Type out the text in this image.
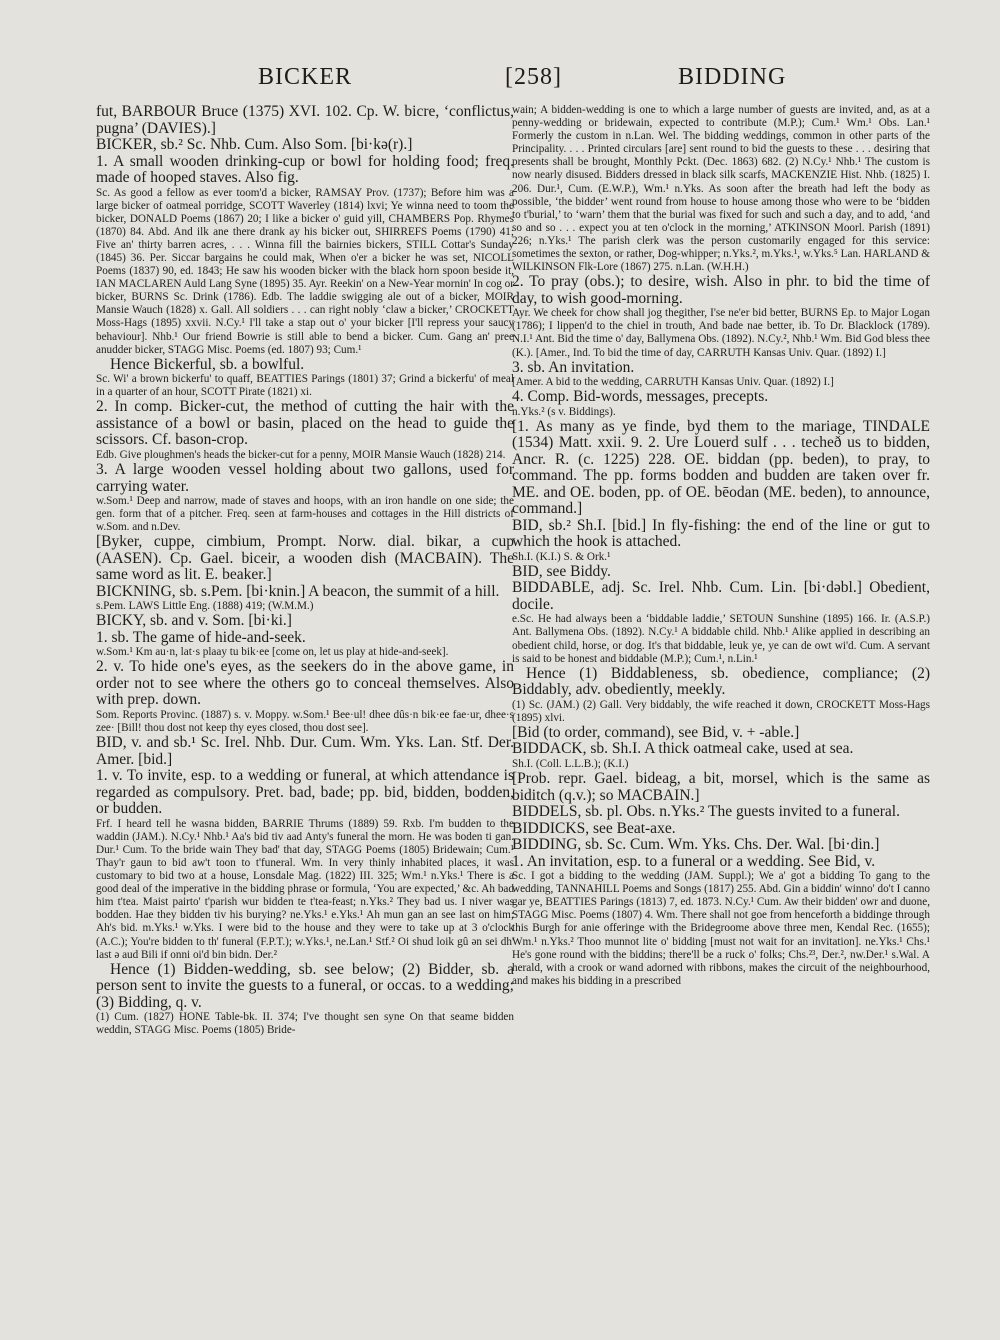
BICKER	[258]	BIDDING

fut, BARBOUR Bruce (1375) XVI. 102. Cp. W. bicre, ‘conflictus, pugna’ (DAVIES).]

BICKER, sb.² Sc. Nhb. Cum. Also Som. [bi·kə(r).]

1. A small wooden drinking-cup or bowl for holding food; freq. made of hooped staves. Also fig.

Sc. As good a fellow as ever toom'd a bicker, RAMSAY Prov. (1737); Before him was a large bicker of oatmeal porridge, SCOTT Waverley (1814) lxvi; Ye winna need to toom the bicker, DONALD Poems (1867) 20; I like a bicker o' guid yill, CHAMBERS Pop. Rhymes (1870) 84. Abd. And ilk ane there drank ay his bicker out, SHIRREFS Poems (1790) 41; Five an' thirty barren acres, . . . Winna fill the bairnies bickers, STILL Cottar's Sunday (1845) 36. Per. Siccar bargains he could mak, When o'er a bicker he was set, NICOLL Poems (1837) 90, ed. 1843; He saw his wooden bicker with the black horn spoon beside it, IAN MACLAREN Auld Lang Syne (1895) 35. Ayr. Reekin' on a New-Year mornin' In cog or bicker, BURNS Sc. Drink (1786). Edb. The laddie swigging ale out of a bicker, MOIR Mansie Wauch (1828) x. Gall. All soldiers . . . can right nobly ‘claw a bicker,’ CROCKETT Moss-Hags (1895) xxvii. N.Cy.¹ I'll take a stap out o' your bicker [I'll repress your saucy behaviour]. Nhb.¹ Our friend Bowrie is still able to bend a bicker. Cum. Gang an' pree anudder bicker, STAGG Misc. Poems (ed. 1807) 93; Cum.¹

Hence Bickerful, sb. a bowlful.

Sc. Wi' a brown bickerfu' to quaff, BEATTIES Parings (1801) 37; Grind a bickerfu' of meal in a quarter of an hour, SCOTT Pirate (1821) xi.

2. In comp. Bicker-cut, the method of cutting the hair with the assistance of a bowl or basin, placed on the head to guide the scissors. Cf. bason-crop.

Edb. Give ploughmen's heads the bicker-cut for a penny, MOIR Mansie Wauch (1828) 214.

3. A large wooden vessel holding about two gallons, used for carrying water.

w.Som.¹ Deep and narrow, made of staves and hoops, with an iron handle on one side; the gen. form that of a pitcher. Freq. seen at farm-houses and cottages in the Hill districts of w.Som. and n.Dev.

[Byker, cuppe, cimbium, Prompt. Norw. dial. bikar, a cup (AASEN). Cp. Gael. biceir, a wooden dish (MACBAIN). The same word as lit. E. beaker.]

BICKNING, sb. s.Pem. [bi·knin.] A beacon, the summit of a hill.

s.Pem. LAWS Little Eng. (1888) 419; (W.M.M.)

BICKY, sb. and v. Som. [bi·ki.]

1. sb. The game of hide-and-seek.

w.Som.¹ Km au·n, lat·s plaay tu bik·ee [come on, let us play at hide-and-seek].

2. v. To hide one's eyes, as the seekers do in the above game, in order not to see where the others go to conceal themselves. Also with prep. down.

Som. Reports Provinc. (1887) s. v. Moppy. w.Som.¹ Bee·ul! dhee dûs·n bik·ee fae·ur, dhee·s zee· [Bill! thou dost not keep thy eyes closed, thou dost see].

BID, v. and sb.¹ Sc. Irel. Nhb. Dur. Cum. Wm. Yks. Lan. Stf. Der. Amer. [bid.]

1. v. To invite, esp. to a wedding or funeral, at which attendance is regarded as compulsory. Pret. bad, bade; pp. bid, bidden, bodden, or budden.

Frf. I heard tell he wasna bidden, BARRIE Thrums (1889) 59. Rxb. I'm budden to the waddin (JAM.). N.Cy.¹ Nhb.¹ Aa's bid tiv aad Anty's funeral the morn. He was boden ti gan. Dur.¹ Cum. To the bride wain They bad' that day, STAGG Poems (1805) Bridewain; Cum.¹ Thay'r gaun to bid aw't toon to t'funeral. Wm. In very thinly inhabited places, it was customary to bid two at a house, Lonsdale Mag. (1822) III. 325; Wm.¹ n.Yks.¹ There is a good deal of the imperative in the bidding phrase or formula, ‘You are expected,’ &c. Ah bad him t'tea. Maist pairto' t'parish wur bidden te t'tea-feast; n.Yks.² They bad us. I niver was bodden. Hae they bidden tiv his burying? ne.Yks.¹ e.Yks.¹ Ah mun gan an see last on him; Ah's bid. m.Yks.¹ w.Yks. I were bid to the house and they were to take up at 3 o'clock (A.C.); You're bidden to th' funeral (F.P.T.); w.Yks.¹, ne.Lan.¹ Stf.² Oi shud loik gû ən sei dh' last ə aud Bili if onni oi'd bin bidn. Der.²

Hence (1) Bidden-wedding, sb. see below; (2) Bidder, sb. a person sent to invite the guests to a funeral, or occas. to a wedding; (3) Bidding, q. v.

(1) Cum. (1827) HONE Table-bk. II. 374; I've thought sen syne On that seame bidden weddin, STAGG Misc. Poems (1805) Bride-

wain; A bidden-wedding is one to which a large number of guests are invited, and, as at a penny-wedding or bridewain, expected to contribute (M.P.); Cum.¹ Wm.¹ Obs. Lan.¹ Formerly the custom in n.Lan. Wel. The bidding weddings, common in other parts of the Principality. . . . Printed circulars [are] sent round to bid the guests to these . . . desiring that presents shall be brought, Monthly Pckt. (Dec. 1863) 682. (2) N.Cy.¹ Nhb.¹ The custom is now nearly disused. Bidders dressed in black silk scarfs, MACKENZIE Hist. Nhb. (1825) I. 206. Dur.¹, Cum. (E.W.P.), Wm.¹ n.Yks. As soon after the breath had left the body as possible, ‘the bidder’ went round from house to house among those who were to be ‘bidden to t'burial,’ to ‘warn’ them that the burial was fixed for such and such a day, and to add, ‘and so and so . . . expect you at ten o'clock in the morning,’ ATKINSON Moorl. Parish (1891) 226; n.Yks.¹ The parish clerk was the person customarily engaged for this service: sometimes the sexton, or rather, Dog-whipper; n.Yks.², m.Yks.¹, w.Yks.⁵ Lan. HARLAND & WILKINSON Flk-Lore (1867) 275. n.Lan. (W.H.H.)

2. To pray (obs.); to desire, wish. Also in phr. to bid the time of day, to wish good-morning.

Ayr. We cheek for chow shall jog thegither, I'se ne'er bid better, BURNS Ep. to Major Logan (1786); I lippen'd to the chiel in trouth, And bade nae better, ib. To Dr. Blacklock (1789). N.I.¹ Ant. Bid the time o' day, Ballymena Obs. (1892). N.Cy.², Nhb.¹ Wm. Bid God bless thee (K.). [Amer., Ind. To bid the time of day, CARRUTH Kansas Univ. Quar. (1892) I.]

3. sb. An invitation.

[Amer. A bid to the wedding, CARRUTH Kansas Univ. Quar. (1892) I.]

4. Comp. Bid-words, messages, precepts.

n.Yks.² (s v. Biddings).

[1. As many as ye finde, byd them to the mariage, TINDALE (1534) Matt. xxii. 9. 2. Ure Louerd sulf . . . techeð us to bidden, Ancr. R. (c. 1225) 228. OE. biddan (pp. beden), to pray, to command. The pp. forms bodden and budden are taken over fr. ME. and OE. boden, pp. of OE. bēodan (ME. beden), to announce, command.]

BID, sb.² Sh.I. [bid.] In fly-fishing: the end of the line or gut to which the hook is attached.

Sh.I. (K.I.) S. & Ork.¹

BID, see Biddy.

BIDDABLE, adj. Sc. Irel. Nhb. Cum. Lin. [bi·dəbl.] Obedient, docile.

e.Sc. He had always been a ‘biddable laddie,’ SETOUN Sunshine (1895) 166. Ir. (A.S.P.) Ant. Ballymena Obs. (1892). N.Cy.¹ A biddable child. Nhb.¹ Alike applied in describing an obedient child, horse, or dog. It's that biddable, leuk ye, ye can de owt wi'd. Cum. A servant is said to be honest and biddable (M.P.); Cum.¹, n.Lin.¹

Hence (1) Biddableness, sb. obedience, compliance; (2) Biddably, adv. obediently, meekly.

(1) Sc. (JAM.) (2) Gall. Very biddably, the wife reached it down, CROCKETT Moss-Hags (1895) xlvi.

[Bid (to order, command), see Bid, v. + -able.]

BIDDACK, sb. Sh.I. A thick oatmeal cake, used at sea.

Sh.I. (Coll. L.L.B.); (K.I.)

[Prob. repr. Gael. bideag, a bit, morsel, which is the same as biditch (q.v.); so MACBAIN.]

BIDDELS, sb. pl. Obs. n.Yks.² The guests invited to a funeral.

BIDDICKS, see Beat-axe.

BIDDING, sb. Sc. Cum. Wm. Yks. Chs. Der. Wal. [bi·din.]

1. An invitation, esp. to a funeral or a wedding. See Bid, v.

Sc. I got a bidding to the wedding (JAM. Suppl.); We a' got a bidding To gang to the wedding, TANNAHILL Poems and Songs (1817) 255. Abd. Gin a biddin' winno' do't I canno gar ye, BEATTIES Parings (1813) 7, ed. 1873. N.Cy.¹ Cum. Aw their bidden' owr and duone, STAGG Misc. Poems (1807) 4. Wm. There shall not goe from henceforth a biddinge through this Burgh for anie offeringe with the Bridegroome above three men, Kendal Rec. (1655); Wm.¹ n.Yks.² Thoo munnot lite o' bidding [must not wait for an invitation]. ne.Yks.¹ Chs.¹ He's gone round with the biddins; there'll be a ruck o' folks; Chs.²³, Der.², nw.Der.¹ s.Wal. A herald, with a crook or wand adorned with ribbons, makes the circuit of the neighbourhood, and makes his bidding in a prescribed
